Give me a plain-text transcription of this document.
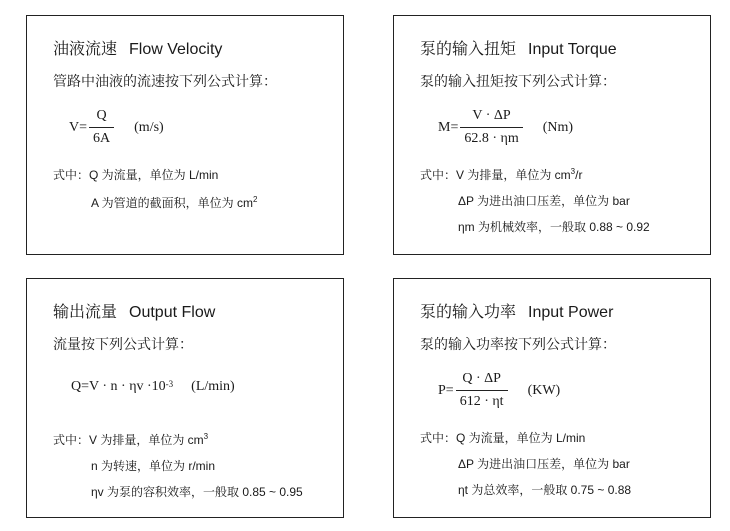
油液流速 Flow Velocity
管路中油液的流速按下列公式计算：
$V= \frac{Q}{6A} (m/s)$
式中：Q 为流量，单位为 L/min
A 为管道的截面积，单位为 $cm^2$
泵的输入扭矩 Input Torque
泵的输入扭矩按下列公式计算：
$M= \frac{V \cdot \Delta P}{62.8 \cdot \eta m} (Nm)$
式中：V 为排量，单位为 $cm^3/r$
ΔP 为进出油口压差，单位为 bar
ηm 为机械效率，一般取 0.88 ~ 0.92
输出流量 Output Flow
流量按下列公式计算：
$Q=V \cdot n \cdot \eta v \cdot 10^{-3}$ (L/min)
式中：V 为排量，单位为 $cm^3$
n 为转速，单位为 r/min
ηv 为泵的容积效率，一般取 0.85 ~ 0.95
泵的输入功率 Input Power
泵的输入功率按下列公式计算：
$P= \frac{Q \cdot \Delta P}{612 \cdot \eta t} (KW)$
式中：Q 为流量，单位为 L/min
ΔP 为进出油口压差，单位为 bar
ηt 为总效率，一般取 0.75 ~ 0.88
